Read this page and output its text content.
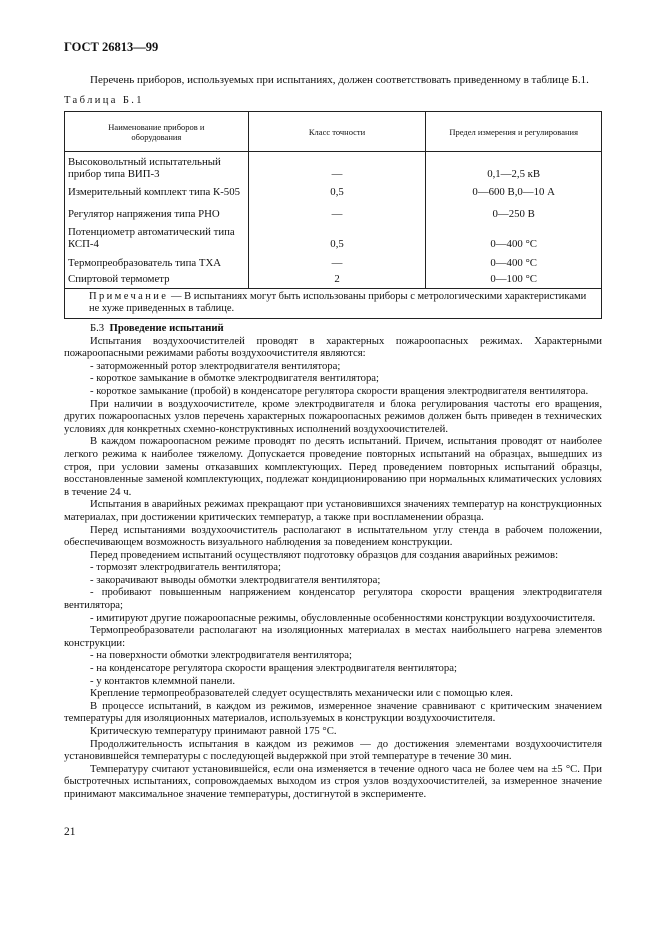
ГОСТ 26813—99
Перечень приборов, используемых при испытаниях, должен соответствовать приведенному в таблице Б.1.
Таблица Б.1
Наименование приборов и оборудования	Класс точности	Предел измерения и регулирования
Высоковольтный испытательный прибор типа ВИП-3	—	0,1—2,5 кВ
Измерительный комплект типа К-505	0,5	0—600 В,0—10 А
Регулятор напряжения типа РНО	—	0—250 В
Потенциометр автоматический типа КСП-4	0,5	0—400 °С
Термопреобразователь типа ТХА	—	0—400 °С
Спиртовой термометр	2	0—100 °С
Примечание — В испытаниях могут быть использованы приборы с метрологическими характеристиками не хуже приведенных в таблице.		

Б.3 Проведение испытаний

Испытания воздухоочистителей проводят в характерных пожароопасных режимах. Характерными пожароопасными режимами работы воздухоочистителя являются:

- заторможенный ротор электродвигателя вентилятора;

- короткое замыкание в обмотке электродвигателя вентилятора;

- короткое замыкание (пробой) в конденсаторе регулятора скорости вращения электродвигателя вентилятора.

При наличии в воздухоочистителе, кроме электродвигателя и блока регулирования частоты его вращения, других пожароопасных узлов перечень характерных пожароопасных режимов должен быть приведен в технических условиях для конкретных схемно-конструктивных исполнений воздухоочистителей.

В каждом пожароопасном режиме проводят по десять испытаний. Причем, испытания проводят от наиболее легкого режима к наиболее тяжелому. Допускается проведение повторных испытаний на образцах, вышедших из строя, при условии замены отказавших комплектующих. Перед проведением повторных испытаний образцы, восстановленные заменой комплектующих, подлежат кондиционированию при нормальных климатических условиях в течение 24 ч.

Испытания в аварийных режимах прекращают при установившихся значениях температур на конструкционных материалах, при достижении критических температур, а также при воспламенении образца.

Перед испытаниями воздухоочиститель располагают в испытательном углу стенда в рабочем положении, обеспечивающем возможность визуального наблюдения за поведением конструкции.

Перед проведением испытаний осуществляют подготовку образцов для создания аварийных режимов:

- тормозят электродвигатель вентилятора;

- закорачивают выводы обмотки электродвигателя вентилятора;

- пробивают повышенным напряжением конденсатор регулятора скорости вращения электродвигателя вентилятора;

- имитируют другие пожароопасные режимы, обусловленные особенностями конструкции воздухоочистителя.

Термопреобразователи располагают на изоляционных материалах в местах наибольшего нагрева элементов конструкции:

- на поверхности обмотки электродвигателя вентилятора;

- на конденсаторе регулятора скорости вращения электродвигателя вентилятора;

- у контактов клеммной панели.

Крепление термопреобразователей следует осуществлять механически или с помощью клея.

В процессе испытаний, в каждом из режимов, измеренное значение сравнивают с критическим значением температуры для изоляционных материалов, используемых в конструкции воздухоочистителя.

Критическую температуру принимают равной 175 °С.

Продолжительность испытания в каждом из режимов — до достижения элементами воздухоочистителя установившейся температуры с последующей выдержкой при этой температуре в течение 30 мин.

Температуру считают установившейся, если она изменяется в течение одного часа не более чем на ±5 °С. При быстротечных испытаниях, сопровождаемых выходом из строя узлов воздухоочистителей, за измеренное значение принимают максимальное значение температуры, достигнутой в эксперименте.

21
